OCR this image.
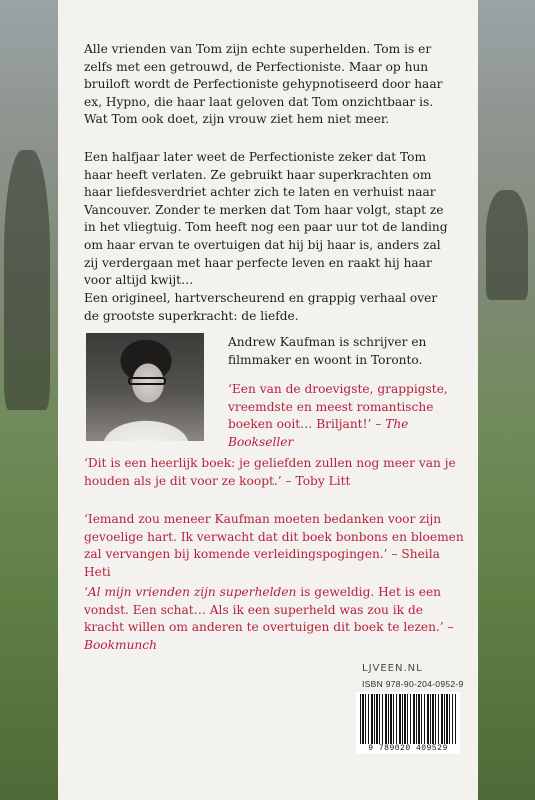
Alle vrienden van Tom zijn echte superhelden. Tom is er zelfs met een getrouwd, de Perfectioniste. Maar op hun bruiloft wordt de Perfectioniste gehypnotiseerd door haar ex, Hypno, die haar laat geloven dat Tom onzichtbaar is. Wat Tom ook doet, zijn vrouw ziet hem niet meer.

Een halfjaar later weet de Perfectioniste zeker dat Tom haar heeft verlaten. Ze gebruikt haar superkrachten om haar liefdesverdriet achter zich te laten en verhuist naar Vancouver. Zonder te merken dat Tom haar volgt, stapt ze in het vliegtuig. Tom heeft nog een paar uur tot de landing om haar ervan te overtuigen dat hij bij haar is, anders zal zij verdergaan met haar perfecte leven en raakt hij haar voor altijd kwijt…

Een origineel, hartverscheurend en grappig verhaal over de grootste superkracht: de liefde.

Andrew Kaufman is schrijver en filmmaker en woont in Toronto.

‘Een van de droevigste, grappigste, vreemdste en meest romantische boeken ooit… Briljant!’ – The Bookseller

‘Dit is een heerlijk boek: je geliefden zullen nog meer van je houden als je dit voor ze koopt.’ – Toby Litt

‘Iemand zou meneer Kaufman moeten bedanken voor zijn gevoelige hart. Ik verwacht dat dit boek bonbons en bloemen zal vervangen bij komende verleidingspogingen.’ – Sheila Heti

‘Al mijn vrienden zijn superhelden is geweldig. Het is een vondst. Een schat… Als ik een superheld was zou ik de kracht willen om anderen te overtuigen dit boek te lezen.’ – Bookmunch

LJVEEN.NL
ISBN 978-90-204-0952-9
9 789020 409529
